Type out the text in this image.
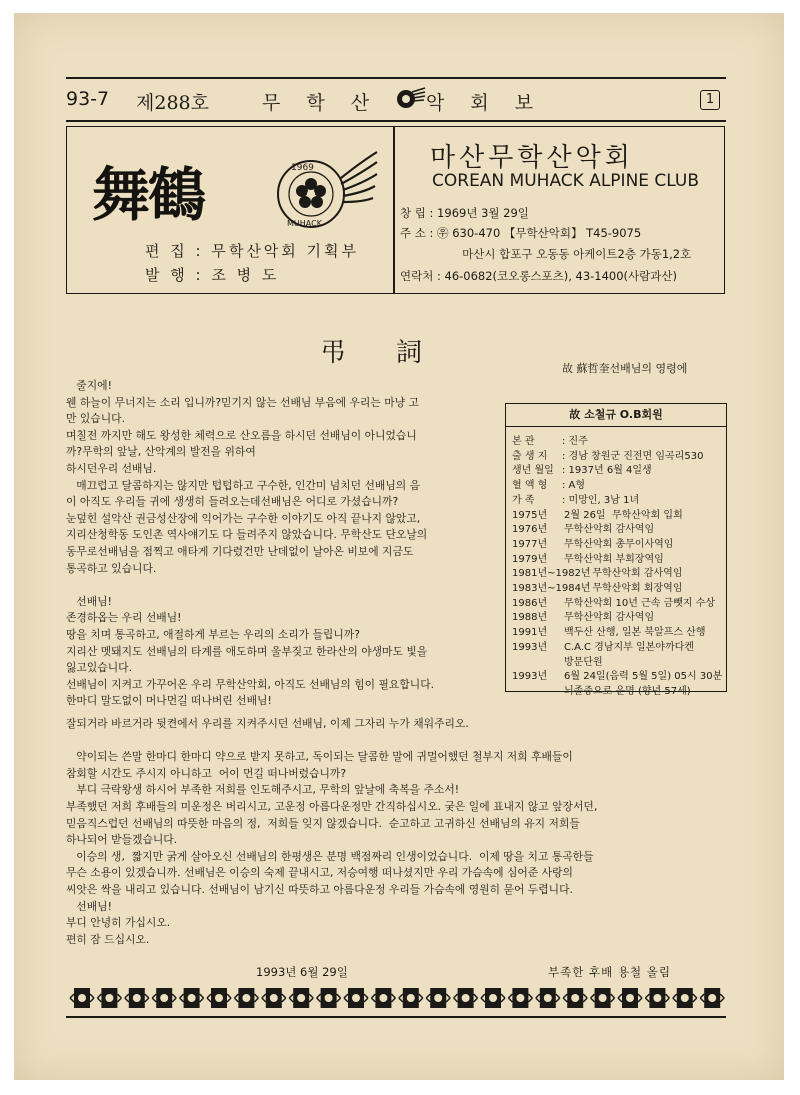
93-7 제288호	무 학 산 악 회 보	1
舞鶴	1969
MUHACK
편 집 : 무학산악회 기획부
발 행 : 조 병 도
마산무학산악회
COREAN MUHACK ALPINE CLUB
창 립 : 1969년 3월 29일
주 소 : ㉾ 630-470 【무학산악회】 T45-9075
마산시 합포구 오동동 아케이트2층 가동1,2호
연락처 : 46-0682(코오롱스포츠), 43-1400(사람과산)
弔詞
故 蘇哲奎선배님의 영령에
줄지에!
웬 하늘이 무너지는 소리 입니까?믿기지 않는 선배님 부음에 우리는 마냥 고
만 있습니다.
며칠전 까지만 해도 왕성한 체력으로 산오름을 하시던 선배님이 아니었습니
까?무학의 앞날, 산악계의 발전을 위하여
하시던우리 선배님.
매끄럽고 달콤하지는 않지만 텁텁하고 구수한, 인간미 넘치던 선배님의 음
이 아직도 우리들 귀에 생생히 들려오는데선배님은 어디로 가셨습니까?
눈덮힌 설악산 권금성산장에 익어가는 구수한 이야기도 아직 끝나지 않았고,
지리산청학동 도인촌 역사얘기도 다 들려주지 않았습니다. 무학산도 단오날의
동무로선배님을 점찍고 애타게 기다렸건만 난데없이 날아온 비보에 지금도
통곡하고 있습니다.
선배님!
존경하옵는 우리 선배님!
땅을 치며 통곡하고, 애절하게 부르는 우리의 소리가 들립니까?
지리산 멧돼지도 선배님의 타계를 애도하며 울부짖고 한라산의 야생마도 빛을
잃고있습니다.
선배님이 지켜고 가꾸어온 우리 무학산악회, 아직도 선배님의 힘이 필요합니다.
한마디 말도없이 머나먼길 떠나버린 선배님!
잘되거라 바르거라 뒷켠에서 우리를 지켜주시던 선배님, 이제 그자리 누가 채워주리오.
약이되는 쓴말 한마디 한마디 약으로 받지 못하고, 독이되는 달콤한 말에 귀멀어했던 철부지 저희 후배들이
참회할 시간도 주시지 아니하고  어이 먼길 떠나버렸습니까?
부디 극락왕생 하시어 부족한 저희를 인도해주시고, 무학의 앞날에 축복을 주소서!
부족했던 저희 후배들의 미운정은 버리시고, 고운정 아름다운정만 간직하십시오. 궂은 일에 표내지 않고 앞장서던,
믿음직스럽던 선배님의 따뜻한 마음의 정,  저희들 잊지 않겠습니다.  순고하고 고귀하신 선배님의 유지 저희들
하나되어 받들겠습니다.
이승의 생,  짧지만 굵게 살아오신 선배님의 한평생은 분명 백점짜리 인생이었습니다.  이제 땅을 치고 통곡한들
무슨 소용이 있겠습니까. 선배님은 이승의 숙제 끝내시고, 저승여행 떠나셨지만 우리 가슴속에 심어준 사랑의
씨앗은 싹을 내리고 있습니다. 선배님이 남기신 따뜻하고 아름다운정 우리들 가슴속에 영원히 묻어 두렵니다.
선배님!
부디 안녕히 가십시오.
편히 잠 드십시오.
故 소철규 O.B회원
본 관	: 진주
출 생 지 : 경남 창원군 진전면 임곡리530
생년 월일 : 1937년 6월 4일생
혈 액 형 : A형
가 족	: 미망인, 3남 1녀
1975년 2월 26일  무학산악회 입회
1976년 무학산악회 감사역임
1977년 무학산악회 총무이사역임
1979년 무학산악회 부회장역임
1981년~1982년  무학산악회 감사역임
1983년~1984년  무학산악회 회장역임
1986년 무학산악회 10년 근속 금뺏지 수상
1988년 무학산악회 감사역임
1991년 백두산 산행, 일본 북알프스 산행
1993년 C.A.C 경남지부 일본야까다켄
방문단원
1993년 6월 24일(음력 5월 5일) 05시 30분
뇌졸중으로 운명 (향년 57세)
1993년 6월 29일	부족한 후배 용철 올림
